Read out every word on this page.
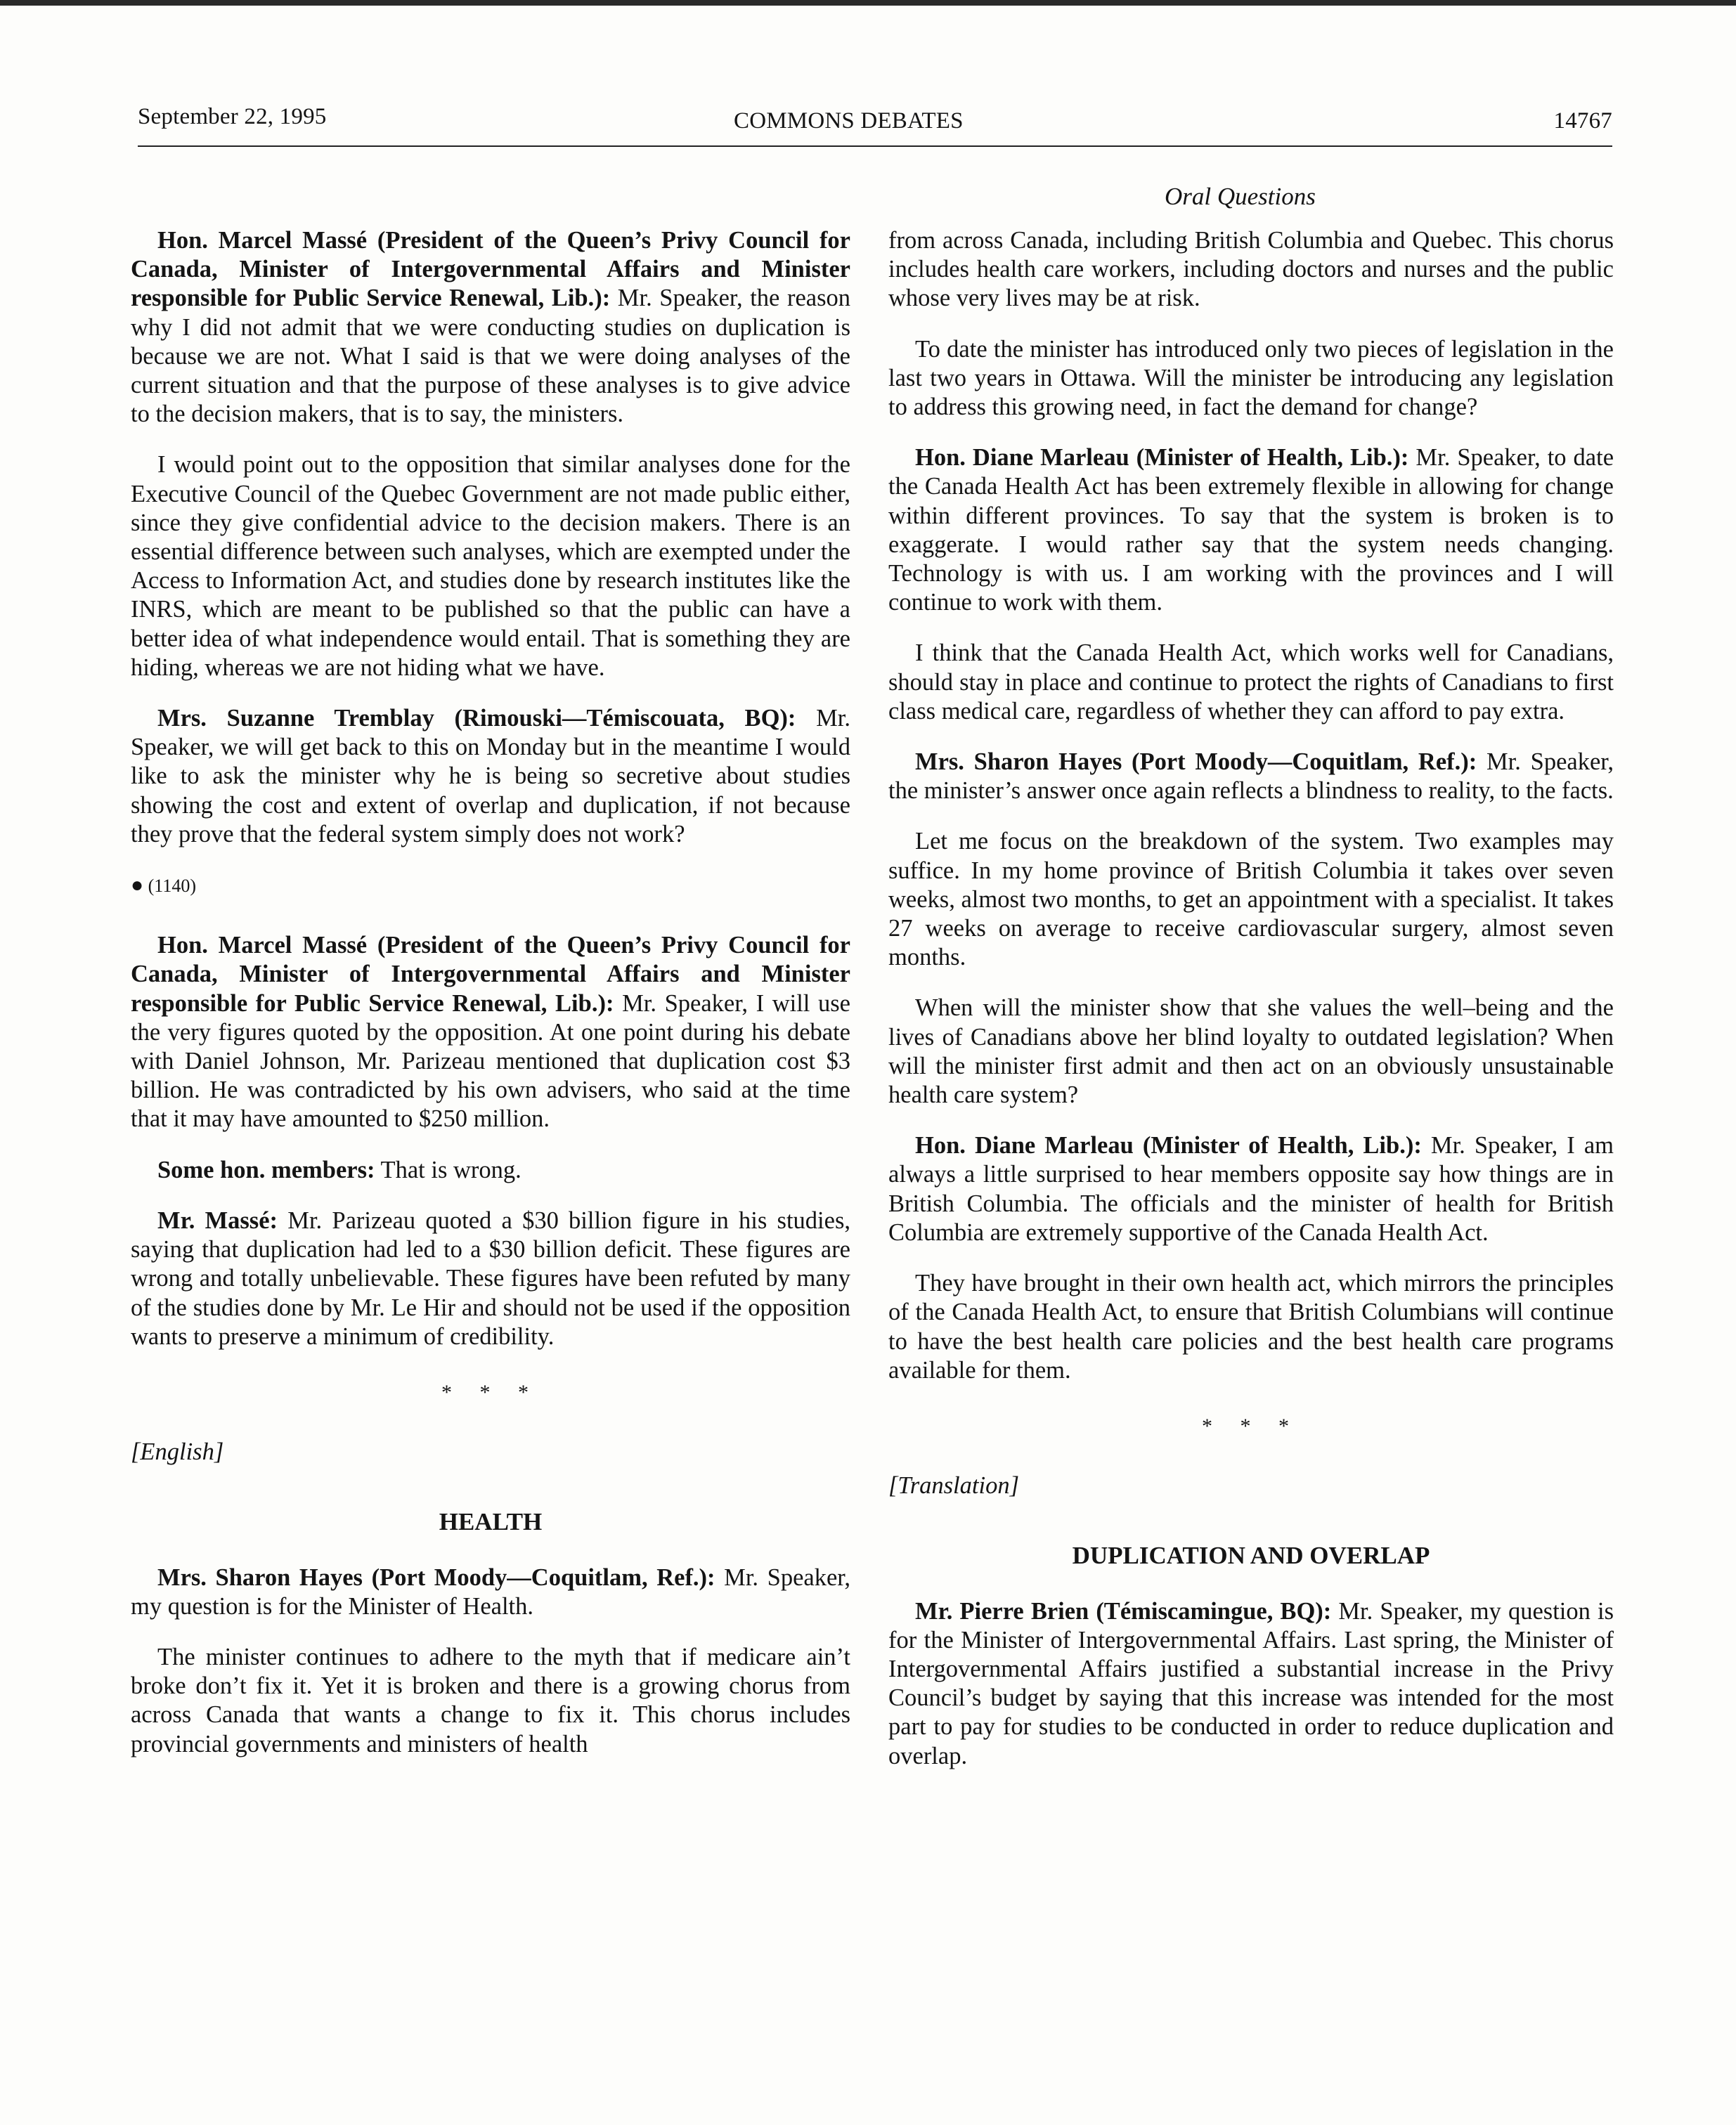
September 22, 1995	COMMONS DEBATES	14767
Oral Questions

Hon. Marcel Massé (President of the Queen’s Privy Council for Canada, Minister of Intergovernmental Affairs and Minister responsible for Public Service Renewal, Lib.): Mr. Speaker, the reason why I did not admit that we were conducting studies on duplication is because we are not. What I said is that we were doing analyses of the current situation and that the purpose of these analyses is to give advice to the decision makers, that is to say, the ministers.

I would point out to the opposition that similar analyses done for the Executive Council of the Quebec Government are not made public either, since they give confidential advice to the decision makers. There is an essential difference between such analyses, which are exempted under the Access to Information Act, and studies done by research institutes like the INRS, which are meant to be published so that the public can have a better idea of what independence would entail. That is something they are hiding, whereas we are not hiding what we have.

Mrs. Suzanne Tremblay (Rimouski—Témiscouata, BQ): Mr. Speaker, we will get back to this on Monday but in the meantime I would like to ask the minister why he is being so secretive about studies showing the cost and extent of overlap and duplication, if not because they prove that the federal system simply does not work?

● (1140)

Hon. Marcel Massé (President of the Queen’s Privy Council for Canada, Minister of Intergovernmental Affairs and Minister responsible for Public Service Renewal, Lib.): Mr. Speaker, I will use the very figures quoted by the opposition. At one point during his debate with Daniel Johnson, Mr. Parizeau mentioned that duplication cost $3 billion. He was contradicted by his own advisers, who said at the time that it may have amounted to $250 million.

Some hon. members: That is wrong.

Mr. Massé: Mr. Parizeau quoted a $30 billion figure in his studies, saying that duplication had led to a $30 billion deficit. These figures are wrong and totally unbelievable. These figures have been refuted by many of the studies done by Mr. Le Hir and should not be used if the opposition wants to preserve a minimum of credibility.

* * *
[English]
HEALTH

Mrs. Sharon Hayes (Port Moody—Coquitlam, Ref.): Mr. Speaker, my question is for the Minister of Health.

The minister continues to adhere to the myth that if medicare ain’t broke don’t fix it. Yet it is broken and there is a growing chorus from across Canada that wants a change to fix it. This chorus includes provincial governments and ministers of health

from across Canada, including British Columbia and Quebec. This chorus includes health care workers, including doctors and nurses and the public whose very lives may be at risk.

To date the minister has introduced only two pieces of legislation in the last two years in Ottawa. Will the minister be introducing any legislation to address this growing need, in fact the demand for change?

Hon. Diane Marleau (Minister of Health, Lib.): Mr. Speaker, to date the Canada Health Act has been extremely flexible in allowing for change within different provinces. To say that the system is broken is to exaggerate. I would rather say that the system needs changing. Technology is with us. I am working with the provinces and I will continue to work with them.

I think that the Canada Health Act, which works well for Canadians, should stay in place and continue to protect the rights of Canadians to first class medical care, regardless of whether they can afford to pay extra.

Mrs. Sharon Hayes (Port Moody—Coquitlam, Ref.): Mr. Speaker, the minister’s answer once again reflects a blindness to reality, to the facts.

Let me focus on the breakdown of the system. Two examples may suffice. In my home province of British Columbia it takes over seven weeks, almost two months, to get an appointment with a specialist. It takes 27 weeks on average to receive cardiovascular surgery, almost seven months.

When will the minister show that she values the well–being and the lives of Canadians above her blind loyalty to outdated legislation? When will the minister first admit and then act on an obviously unsustainable health care system?

Hon. Diane Marleau (Minister of Health, Lib.): Mr. Speaker, I am always a little surprised to hear members opposite say how things are in British Columbia. The officials and the minister of health for British Columbia are extremely supportive of the Canada Health Act.

They have brought in their own health act, which mirrors the principles of the Canada Health Act, to ensure that British Columbians will continue to have the best health care policies and the best health care programs available for them.

* * *
[Translation]
DUPLICATION AND OVERLAP

Mr. Pierre Brien (Témiscamingue, BQ): Mr. Speaker, my question is for the Minister of Intergovernmental Affairs. Last spring, the Minister of Intergovernmental Affairs justified a substantial increase in the Privy Council’s budget by saying that this increase was intended for the most part to pay for studies to be conducted in order to reduce duplication and overlap.
